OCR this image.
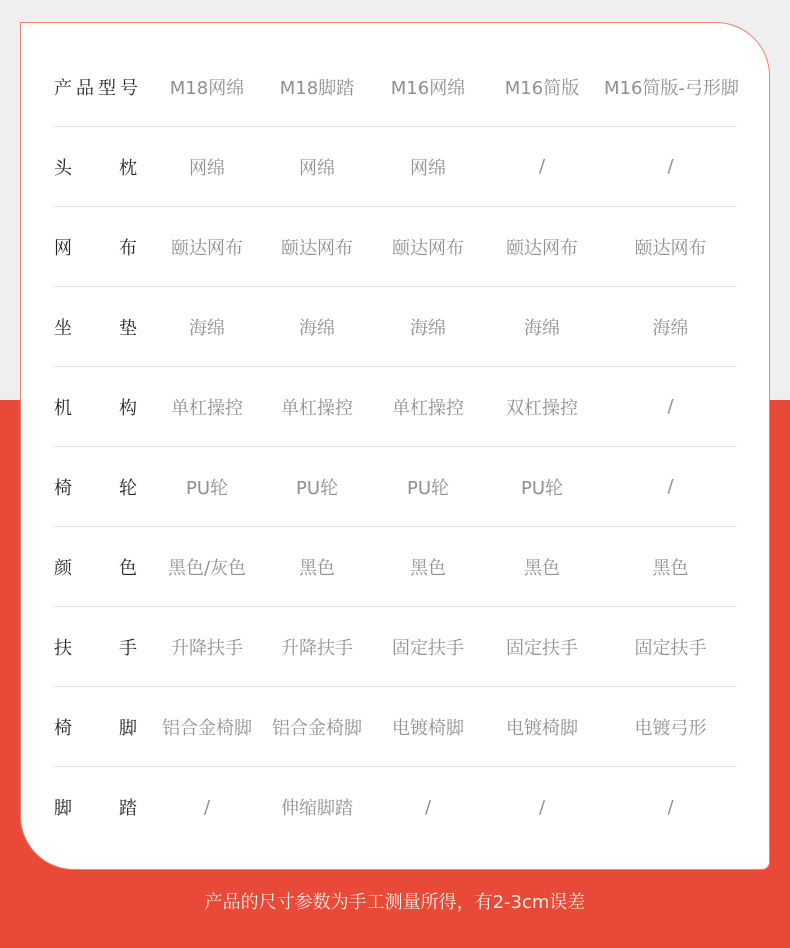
产品型号	M18网绵	M18脚踏	M16网绵	M16简版	M16简版-弓形脚
头	枕	网绵	网绵	网绵	/	/
网	布	颐达网布	颐达网布	颐达网布	颐达网布	颐达网布
坐	垫	海绵	海绵	海绵	海绵	海绵
机	构	单杠操控	单杠操控	单杠操控	双杠操控	/
椅	轮	PU轮	PU轮	PU轮	PU轮	/
颜	色	黑色/灰色	黑色	黑色	黑色	黑色
扶	手	升降扶手	升降扶手	固定扶手	固定扶手	固定扶手
椅	脚	铝合金椅脚	铝合金椅脚	电镀椅脚	电镀椅脚	电镀弓形
脚	踏	/	伸缩脚踏	/	/	/
产品的尺寸参数为手工测量所得，有2-3cm误差
